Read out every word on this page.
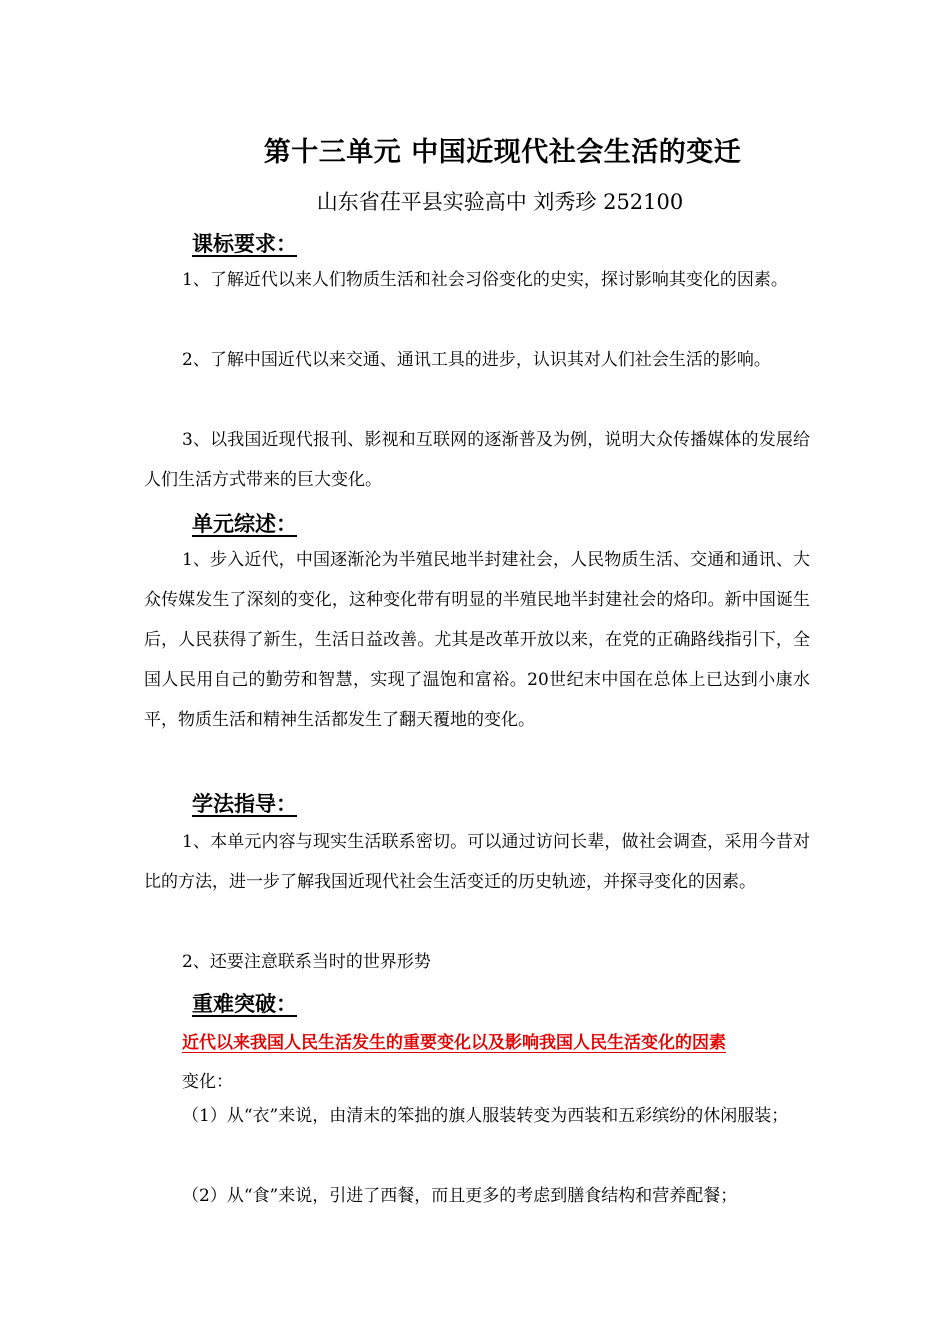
第十三单元 中国近现代社会生活的变迁
山东省茌平县实验高中 刘秀珍 252100
课标要求：

1、了解近代以来人们物质生活和社会习俗变化的史实，探讨影响其变化的因素。

2、了解中国近代以来交通、通讯工具的进步，认识其对人们社会生活的影响。

3、以我国近现代报刊、影视和互联网的逐渐普及为例，说明大众传播媒体的发展给人们生活方式带来的巨大变化。

单元综述：

1、步入近代，中国逐渐沦为半殖民地半封建社会，人民物质生活、交通和通讯、大众传媒发生了深刻的变化，这种变化带有明显的半殖民地半封建社会的烙印。新中国诞生后，人民获得了新生，生活日益改善。尤其是改革开放以来，在党的正确路线指引下，全国人民用自己的勤劳和智慧，实现了温饱和富裕。20世纪末中国在总体上已达到小康水平，物质生活和精神生活都发生了翻天覆地的变化。

学法指导：

1、本单元内容与现实生活联系密切。可以通过访问长辈，做社会调查，采用今昔对比的方法，进一步了解我国近现代社会生活变迁的历史轨迹，并探寻变化的因素。

2、还要注意联系当时的世界形势

重难突破：
近代以来我国人民生活发生的重要变化以及影响我国人民生活变化的因素

变化：

（1）从“衣”来说，由清末的笨拙的旗人服装转变为西装和五彩缤纷的休闲服装；

（2）从“食”来说，引进了西餐，而且更多的考虑到膳食结构和营养配餐；
